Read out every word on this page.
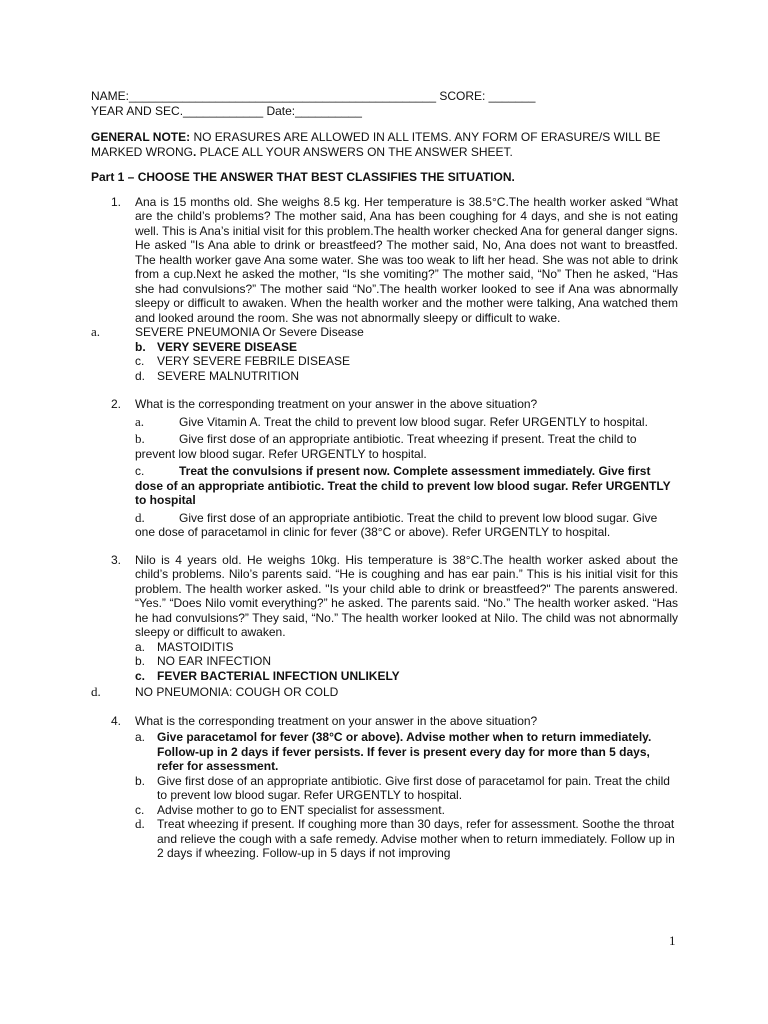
NAME:______________________________________________ SCORE: _______
YEAR AND SEC.____________ Date:__________
GENERAL NOTE: NO ERASURES ARE ALLOWED IN ALL ITEMS. ANY FORM OF ERASURE/S WILL BE MARKED WRONG. PLACE ALL YOUR ANSWERS ON THE ANSWER SHEET.
Part 1 – CHOOSE THE ANSWER THAT BEST CLASSIFIES THE SITUATION.
1. Ana is 15 months old. She weighs 8.5 kg. Her temperature is 38.5°C.The health worker asked “What are the child’s problems? The mother said, Ana has been coughing for 4 days, and she is not eating well. This is Ana’s initial visit for this problem.The health worker checked Ana for general danger signs. He asked "Is Ana able to drink or breastfeed? The mother said, No, Ana does not want to breastfed. The health worker gave Ana some water. She was too weak to lift her head. She was not able to drink from a cup.Next he asked the mother, “Is she vomiting?” The mother said, “No” Then he asked, “Has she had convulsions?” The mother said “No”.The health worker looked to see if Ana was abnormally sleepy or difficult to awaken. When the health worker and the mother were talking, Ana watched them and looked around the room. She was not abnormally sleepy or difficult to wake.
a.	SEVERE PNEUMONIA Or Severe Disease
b. VERY SEVERE DISEASE
c. VERY SEVERE FEBRILE DISEASE
d. SEVERE MALNUTRITION
2. What is the corresponding treatment on your answer in the above situation?
a.	Give Vitamin A. Treat the child to prevent low blood sugar. Refer URGENTLY to hospital.
b.	Give first dose of an appropriate antibiotic. Treat wheezing if present. Treat the child to prevent low blood sugar. Refer URGENTLY to hospital.
c.	Treat the convulsions if present now. Complete assessment immediately. Give first dose of an appropriate antibiotic. Treat the child to prevent low blood sugar. Refer URGENTLY to hospital
d.	Give first dose of an appropriate antibiotic. Treat the child to prevent low blood sugar. Give one dose of paracetamol in clinic for fever (38°C or above). Refer URGENTLY to hospital.
3. Nilo is 4 years old. He weighs 10kg. His temperature is 38°C.The health worker asked about the child’s problems. Nilo’s parents said. “He is coughing and has ear pain.” This is his initial visit for this problem. The health worker asked. "Is your child able to drink or breastfeed?" The parents answered. “Yes.” “Does Nilo vomit everything?” he asked. The parents said. “No.” The health worker asked. “Has he had convulsions?” They said, “No.” The health worker looked at Nilo. The child was not abnormally sleepy or difficult to awaken.
a. MASTOIDITIS
b. NO EAR INFECTION
c. FEVER BACTERIAL INFECTION UNLIKELY
d.	NO PNEUMONIA: COUGH OR COLD
4. What is the corresponding treatment on your answer in the above situation?
a. Give paracetamol for fever (38°C or above). Advise mother when to return immediately. Follow-up in 2 days if fever persists. If fever is present every day for more than 5 days, refer for assessment.
b. Give first dose of an appropriate antibiotic. Give first dose of paracetamol for pain. Treat the child to prevent low blood sugar. Refer URGENTLY to hospital.
c. Advise mother to go to ENT specialist for assessment.
d. Treat wheezing if present. If coughing more than 30 days, refer for assessment. Soothe the throat and relieve the cough with a safe remedy. Advise mother when to return immediately. Follow up in 2 days if wheezing. Follow-up in 5 days if not improving
1
